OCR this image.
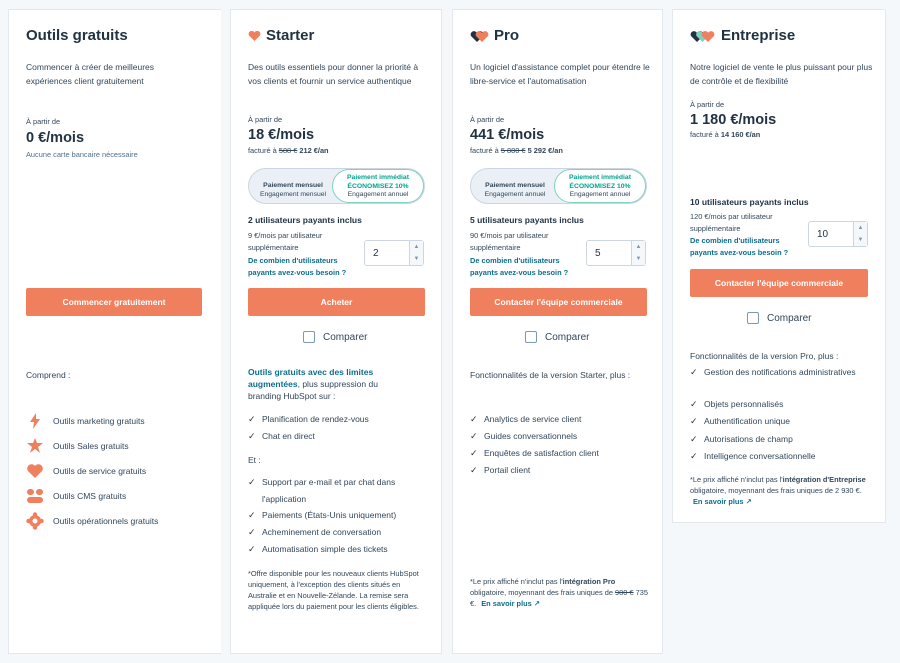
Outils gratuits
Commencer à créer de meilleures expériences client gratuitement
À partir de
0 €/mois
Aucune carte bancaire nécessaire
Commencer gratuitement
Comprend :
Outils marketing gratuits
Outils Sales gratuits
Outils de service gratuits
Outils CMS gratuits
Outils opérationnels gratuits
Starter
Des outils essentiels pour donner la priorité à vos clients et fournir un service authentique
À partir de
18 €/mois
facturé à 588 € 212 €/an
Paiement mensuel
Engagement mensuel
Paiement immédiat
ÉCONOMISEZ 10%
Engagement annuel
2 utilisateurs payants inclus
9 €/mois par utilisateur supplémentaire
De combien d'utilisateurs payants avez-vous besoin ?
2
▲
▼
Acheter
Comparer
Outils gratuits avec des limites augmentées, plus suppression du branding HubSpot sur :
✓ Planification de rendez-vous
✓ Chat en direct
Et :
✓ Support par e-mail et par chat dans l'application
✓ Paiements (États-Unis uniquement)
✓ Acheminement de conversation
✓ Automatisation simple des tickets
*Offre disponible pour les nouveaux clients HubSpot uniquement, à l'exception des clients situés en Australie et en Nouvelle-Zélande. La remise sera appliquée lors du paiement pour les clients éligibles.
Pro
Un logiciel d'assistance complet pour étendre le libre-service et l'automatisation
À partir de
441 €/mois
facturé à 5 880 € 5 292 €/an
Paiement mensuel
Engagement annuel
Paiement immédiat
ÉCONOMISEZ 10%
Engagement annuel
5 utilisateurs payants inclus
90 €/mois par utilisateur supplémentaire
De combien d'utilisateurs payants avez-vous besoin ?
5
▲
▼
Contacter l'équipe commerciale
Comparer
Fonctionnalités de la version Starter, plus :
✓ Analytics de service client
✓ Guides conversationnels
✓ Enquêtes de satisfaction client
✓ Portail client
*Le prix affiché n'inclut pas l'intégration Pro obligatoire, moyennant des frais uniques de 980 € 735 €. En savoir plus ↗
Entreprise
Notre logiciel de vente le plus puissant pour plus de contrôle et de flexibilité
À partir de
1 180 €/mois
facturé à 14 160 €/an
10 utilisateurs payants inclus
120 €/mois par utilisateur supplémentaire
De combien d'utilisateurs payants avez-vous besoin ?
10
▲
▼
Contacter l'équipe commerciale
Comparer
Fonctionnalités de la version Pro, plus :
✓ Gestion des notifications administratives
✓ Objets personnalisés
✓ Authentification unique
✓ Autorisations de champ
✓ Intelligence conversationnelle
*Le prix affiché n'inclut pas l'intégration d'Entreprise obligatoire, moyennant des frais uniques de 2 930 €. En savoir plus ↗
